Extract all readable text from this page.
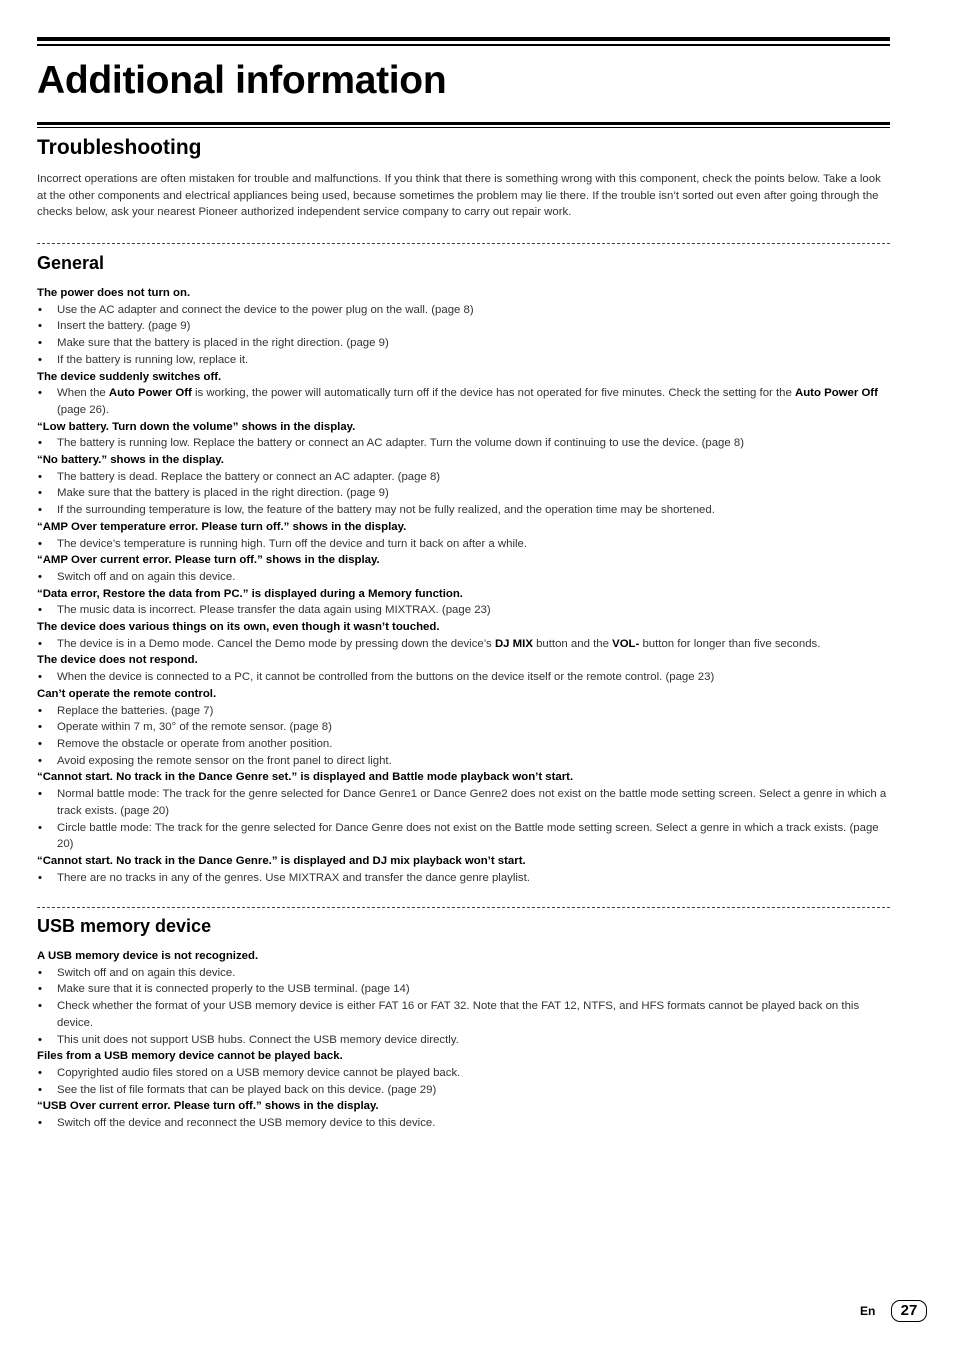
Additional information
Troubleshooting

Incorrect operations are often mistaken for trouble and malfunctions. If you think that there is something wrong with this component, check the points below. Take a look at the other components and electrical appliances being used, because sometimes the problem may lie there. If the trouble isn’t sorted out even after going through the checks below, ask your nearest Pioneer authorized independent service company to carry out repair work.

General
The power does not turn on.
• Use the AC adapter and connect the device to the power plug on the wall. (page 8)
• Insert the battery. (page 9)
• Make sure that the battery is placed in the right direction. (page 9)
• If the battery is running low, replace it.
The device suddenly switches off.
• When the Auto Power Off is working, the power will automatically turn off if the device has not operated for five minutes. Check the setting for the Auto Power Off (page 26).
“Low battery. Turn down the volume” shows in the display.
• The battery is running low. Replace the battery or connect an AC adapter. Turn the volume down if continuing to use the device. (page 8)
“No battery.” shows in the display.
• The battery is dead. Replace the battery or connect an AC adapter. (page 8)
• Make sure that the battery is placed in the right direction. (page 9)
• If the surrounding temperature is low, the feature of the battery may not be fully realized, and the operation time may be shortened.
“AMP Over temperature error. Please turn off.” shows in the display.
• The device’s temperature is running high. Turn off the device and turn it back on after a while.
“AMP Over current error. Please turn off.” shows in the display.
• Switch off and on again this device.
“Data error, Restore the data from PC.” is displayed during a Memory function.
• The music data is incorrect. Please transfer the data again using MIXTRAX. (page 23)
The device does various things on its own, even though it wasn’t touched.
• The device is in a Demo mode. Cancel the Demo mode by pressing down the device’s DJ MIX button and the VOL- button for longer than five seconds.
The device does not respond.
• When the device is connected to a PC, it cannot be controlled from the buttons on the device itself or the remote control. (page 23)
Can’t operate the remote control.
• Replace the batteries. (page 7)
• Operate within 7 m, 30° of the remote sensor. (page 8)
• Remove the obstacle or operate from another position.
• Avoid exposing the remote sensor on the front panel to direct light.
“Cannot start. No track in the Dance Genre set.” is displayed and Battle mode playback won’t start.
• Normal battle mode: The track for the genre selected for Dance Genre1 or Dance Genre2 does not exist on the battle mode setting screen. Select a genre in which a track exists. (page 20)
• Circle battle mode: The track for the genre selected for Dance Genre does not exist on the Battle mode setting screen. Select a genre in which a track exists. (page 20)
“Cannot start. No track in the Dance Genre.” is displayed and DJ mix playback won’t start.
• There are no tracks in any of the genres. Use MIXTRAX and transfer the dance genre playlist.
USB memory device
A USB memory device is not recognized.
• Switch off and on again this device.
• Make sure that it is connected properly to the USB terminal. (page 14)
• Check whether the format of your USB memory device is either FAT 16 or FAT 32. Note that the FAT 12, NTFS, and HFS formats cannot be played back on this device.
• This unit does not support USB hubs. Connect the USB memory device directly.
Files from a USB memory device cannot be played back.
• Copyrighted audio files stored on a USB memory device cannot be played back.
• See the list of file formats that can be played back on this device. (page 29)
“USB Over current error. Please turn off.” shows in the display.
• Switch off the device and reconnect the USB memory device to this device.
En	27
